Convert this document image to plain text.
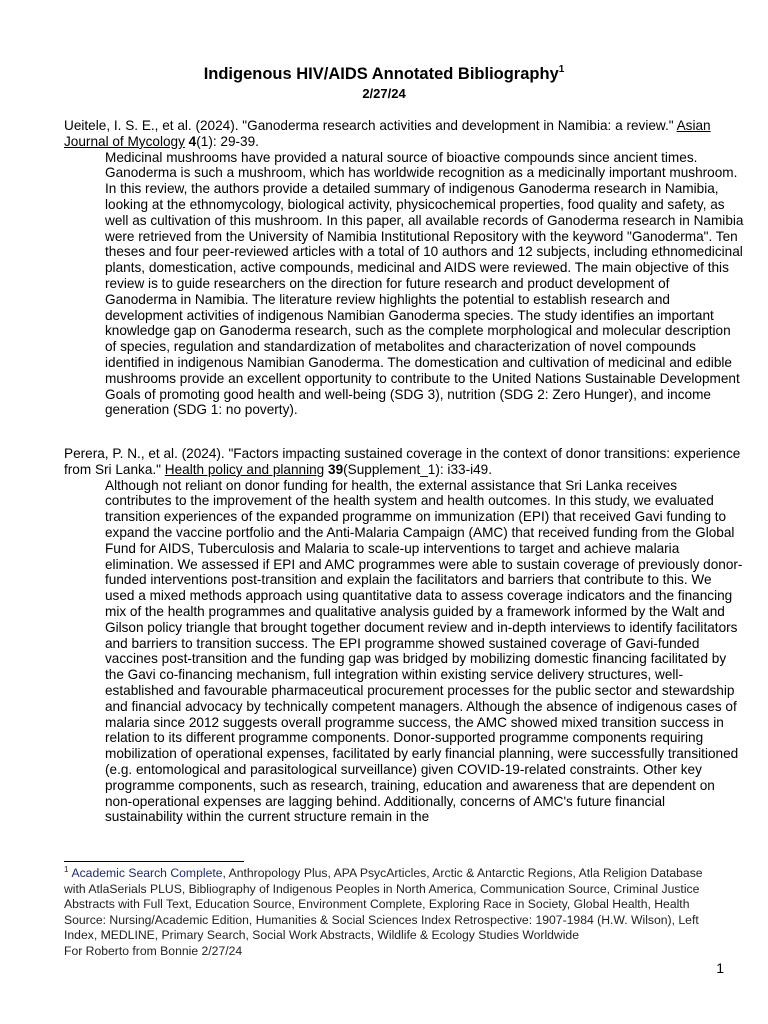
Indigenous HIV/AIDS Annotated Bibliography$^1$
2/27/24

Ueitele, I. S. E., et al. (2024). "Ganoderma research activities and development in Namibia: a review." Asian Journal of Mycology 4(1): 29-39.

Medicinal mushrooms have provided a natural source of bioactive compounds since ancient times. Ganoderma is such a mushroom, which has worldwide recognition as a medicinally important mushroom. In this review, the authors provide a detailed summary of indigenous Ganoderma research in Namibia, looking at the ethnomycology, biological activity, physicochemical properties, food quality and safety, as well as cultivation of this mushroom. In this paper, all available records of Ganoderma research in Namibia were retrieved from the University of Namibia Institutional Repository with the keyword "Ganoderma". Ten theses and four peer-reviewed articles with a total of 10 authors and 12 subjects, including ethnomedicinal plants, domestication, active compounds, medicinal and AIDS were reviewed. The main objective of this review is to guide researchers on the direction for future research and product development of Ganoderma in Namibia. The literature review highlights the potential to establish research and development activities of indigenous Namibian Ganoderma species. The study identifies an important knowledge gap on Ganoderma research, such as the complete morphological and molecular description of species, regulation and standardization of metabolites and characterization of novel compounds identified in indigenous Namibian Ganoderma. The domestication and cultivation of medicinal and edible mushrooms provide an excellent opportunity to contribute to the United Nations Sustainable Development Goals of promoting good health and well-being (SDG 3), nutrition (SDG 2: Zero Hunger), and income generation (SDG 1: no poverty).

Perera, P. N., et al. (2024). "Factors impacting sustained coverage in the context of donor transitions: experience from Sri Lanka." Health policy and planning 39(Supplement_1): i33-i49.

Although not reliant on donor funding for health, the external assistance that Sri Lanka receives contributes to the improvement of the health system and health outcomes. In this study, we evaluated transition experiences of the expanded programme on immunization (EPI) that received Gavi funding to expand the vaccine portfolio and the Anti-Malaria Campaign (AMC) that received funding from the Global Fund for AIDS, Tuberculosis and Malaria to scale-up interventions to target and achieve malaria elimination. We assessed if EPI and AMC programmes were able to sustain coverage of previously donor-funded interventions post-transition and explain the facilitators and barriers that contribute to this. We used a mixed methods approach using quantitative data to assess coverage indicators and the financing mix of the health programmes and qualitative analysis guided by a framework informed by the Walt and Gilson policy triangle that brought together document review and in-depth interviews to identify facilitators and barriers to transition success. The EPI programme showed sustained coverage of Gavi-funded vaccines post-transition and the funding gap was bridged by mobilizing domestic financing facilitated by the Gavi co-financing mechanism, full integration within existing service delivery structures, well-established and favourable pharmaceutical procurement processes for the public sector and stewardship and financial advocacy by technically competent managers. Although the absence of indigenous cases of malaria since 2012 suggests overall programme success, the AMC showed mixed transition success in relation to its different programme components. Donor-supported programme components requiring mobilization of operational expenses, facilitated by early financial planning, were successfully transitioned (e.g. entomological and parasitological surveillance) given COVID-19-related constraints. Other key programme components, such as research, training, education and awareness that are dependent on non-operational expenses are lagging behind. Additionally, concerns of AMC's future financial sustainability within the current structure remain in the

$^1$ Academic Search Complete, Anthropology Plus, APA PsycArticles, Arctic & Antarctic Regions, Atla Religion Database with AtlaSerials PLUS, Bibliography of Indigenous Peoples in North America, Communication Source, Criminal Justice Abstracts with Full Text, Education Source, Environment Complete, Exploring Race in Society, Global Health, Health Source: Nursing/Academic Edition, Humanities & Social Sciences Index Retrospective: 1907-1984 (H.W. Wilson), Left Index, MEDLINE, Primary Search, Social Work Abstracts, Wildlife & Ecology Studies Worldwide
For Roberto from Bonnie 2/27/24
1
